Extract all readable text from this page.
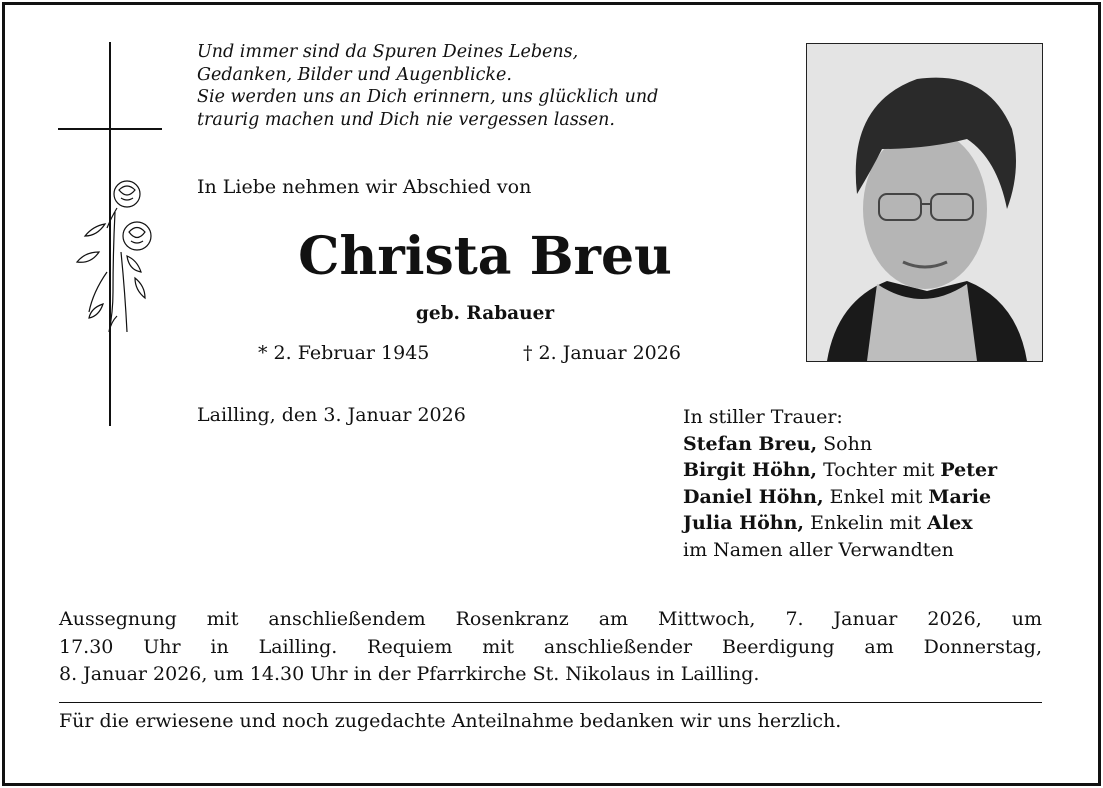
Und immer sind da Spuren Deines Lebens,
Gedanken, Bilder und Augenblicke.
Sie werden uns an Dich erinnern, uns glücklich und
traurig machen und Dich nie vergessen lassen.
In Liebe nehmen wir Abschied von
Christa Breu
geb. Rabauer
* 2. Februar 1945	† 2. Januar 2026
Lailling, den 3. Januar 2026	In stiller Trauer:
Stefan Breu, Sohn
Birgit Höhn, Tochter mit Peter
Daniel Höhn, Enkel mit Marie
Julia Höhn, Enkelin mit Alex
im Namen aller Verwandten
Aussegnung mit anschließendem Rosenkranz am Mittwoch, 7. Januar 2026, um
17.30 Uhr in Lailling. Requiem mit anschließender Beerdigung am Donnerstag,
8. Januar 2026, um 14.30 Uhr in der Pfarrkirche St. Nikolaus in Lailling.
Für die erwiesene und noch zugedachte Anteilnahme bedanken wir uns herzlich.
